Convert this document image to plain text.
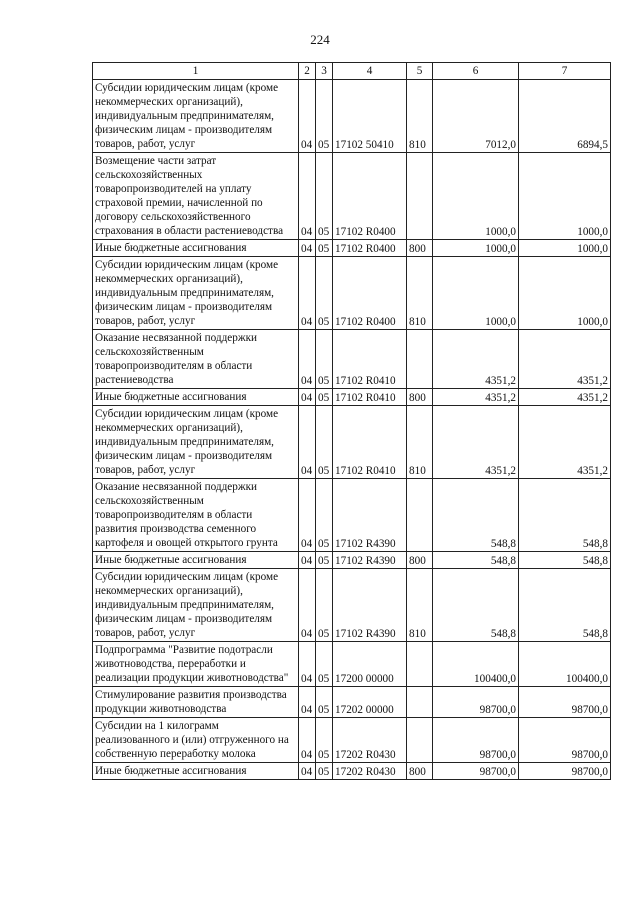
224
1	2	3	4	5	6	7
Субсидии юридическим лицам (кроме некоммерческих организаций), индивидуальным предпринимателям, физическим лицам - производителям товаров, работ, услуг	04	05	17102 50410	810	7012,0	6894,5
Возмещение части затрат сельскохозяйственных товаропроизводителей на уплату страховой премии, начисленной по договору сельскохозяйственного страхования в области растениеводства	04	05	17102 R0400		1000,0	1000,0
Иные бюджетные ассигнования	04	05	17102 R0400	800	1000,0	1000,0
Субсидии юридическим лицам (кроме некоммерческих организаций), индивидуальным предпринимателям, физическим лицам - производителям товаров, работ, услуг	04	05	17102 R0400	810	1000,0	1000,0
Оказание несвязанной поддержки сельскохозяйственным товаропроизводителям в области растениеводства	04	05	17102 R0410		4351,2	4351,2
Иные бюджетные ассигнования	04	05	17102 R0410	800	4351,2	4351,2
Субсидии юридическим лицам (кроме некоммерческих организаций), индивидуальным предпринимателям, физическим лицам - производителям товаров, работ, услуг	04	05	17102 R0410	810	4351,2	4351,2
Оказание несвязанной поддержки сельскохозяйственным товаропроизводителям в области развития производства семенного картофеля и овощей открытого грунта	04	05	17102 R4390		548,8	548,8
Иные бюджетные ассигнования	04	05	17102 R4390	800	548,8	548,8
Субсидии юридическим лицам (кроме некоммерческих организаций), индивидуальным предпринимателям, физическим лицам - производителям товаров, работ, услуг	04	05	17102 R4390	810	548,8	548,8
Подпрограмма "Развитие подотрасли животноводства, переработки и реализации продукции животноводства"	04	05	17200 00000		100400,0	100400,0
Стимулирование развития производства продукции животноводства	04	05	17202 00000		98700,0	98700,0
Субсидии на 1 килограмм реализованного и (или) отгруженного на собственную переработку молока	04	05	17202 R0430		98700,0	98700,0
Иные бюджетные ассигнования	04	05	17202 R0430	800	98700,0	98700,0
